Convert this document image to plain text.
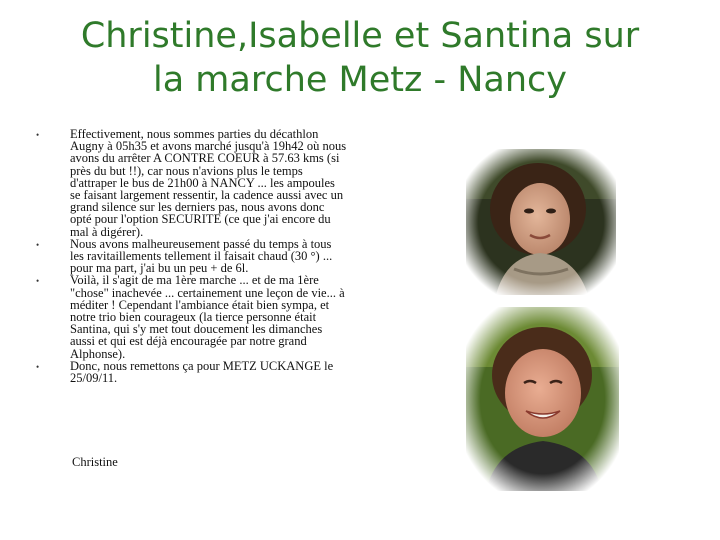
Christine,Isabelle et Santina sur
la marche Metz - Nancy
• Effectivement, nous sommes parties du décathlon Augny à 05h35 et avons marché jusqu'à 19h42 où nous avons du arrêter A CONTRE COEUR à 57.63 kms (si près du but !!), car nous n'avions plus le temps d'attraper le bus de 21h00 à NANCY ... les ampoules se faisant largement ressentir, la cadence aussi avec un grand silence sur les derniers pas, nous avons donc opté pour l'option SECURITE (ce que j'ai encore du mal à digérer).
• Nous avons malheureusement passé du temps à tous les ravitaillements tellement il faisait chaud (30 °) ... pour ma part, j'ai bu un peu + de 6l.
• Voilà, il s'agit de ma 1ère marche ... et de ma 1ère "chose" inachevée ... certainement une leçon de vie... à méditer ! Cependant l'ambiance était bien sympa, et notre trio bien courageux (la tierce personne était Santina, qui s'y met tout doucement les dimanches aussi et qui est déjà encouragée par notre grand Alphonse).
• Donc, nous remettons ça pour METZ UCKANGE le 25/09/11.
Christine
